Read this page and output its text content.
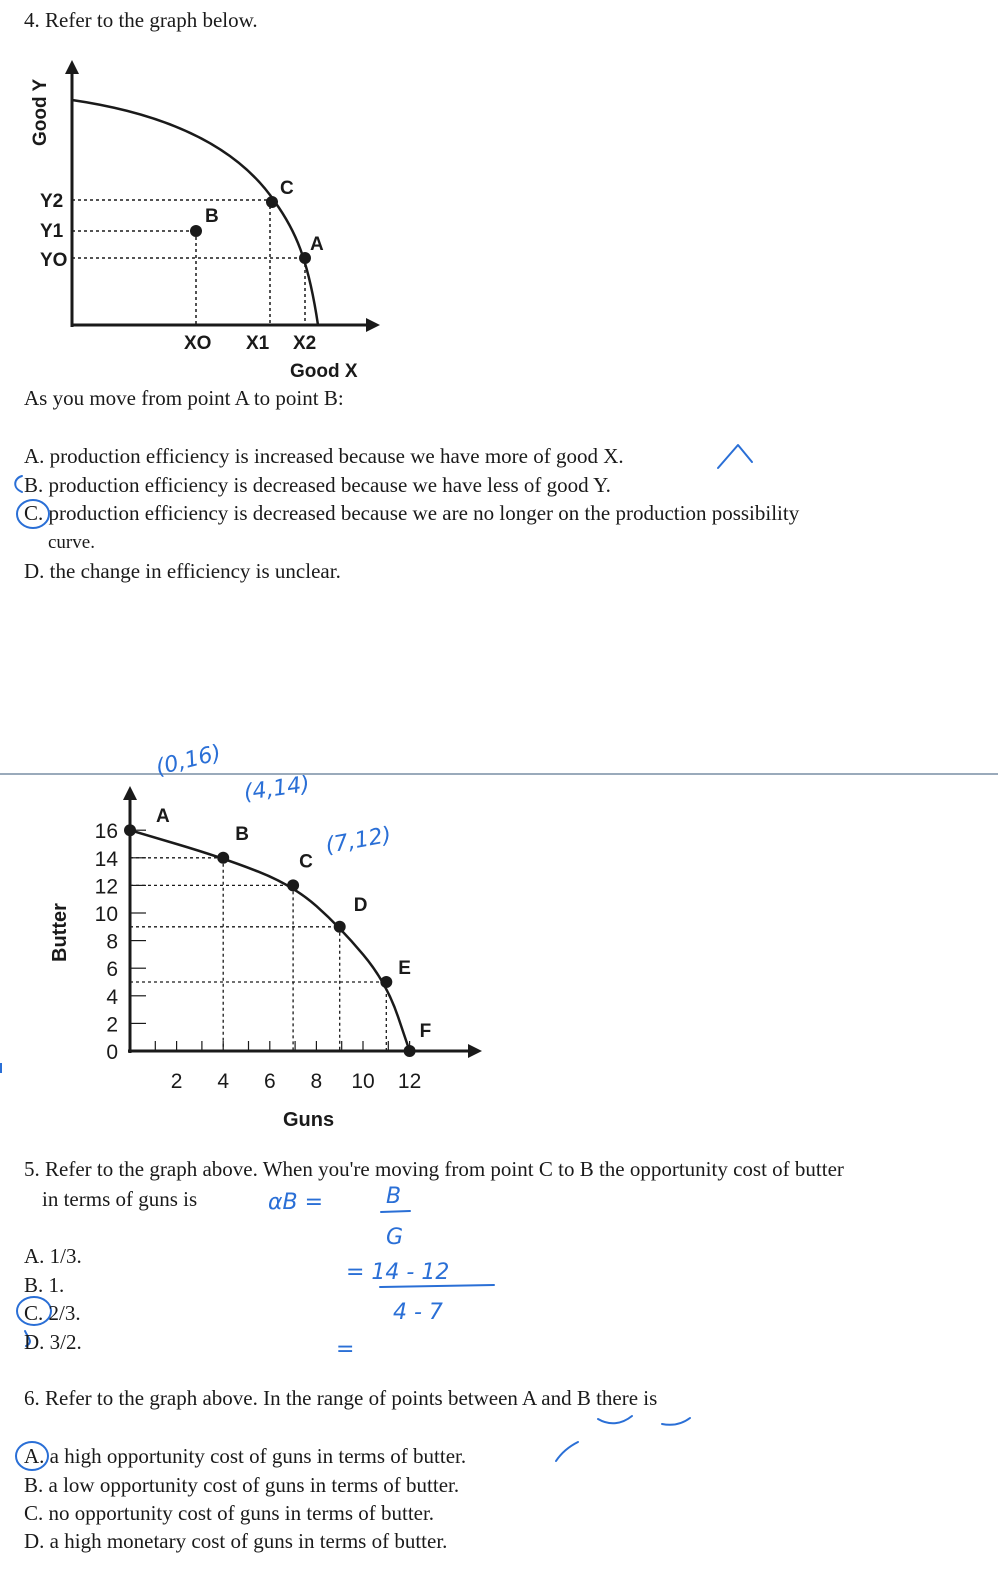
4. Refer to the graph below.
B
C
A
Y2
Y1
YO
XO X1 X2
Good X
Good Y
As you move from point A to point B:
A. production efficiency is increased because we have more of good X.
B. production efficiency is decreased because we have less of good Y.
C. production efficiency is decreased because we are no longer on the production possibility
curve.
D. the change in efficiency is unclear.
Guns
Butter
16
14
12
10
8
6
4
2
0
2 4 6 8 10 12
A
B
C
D
E
F
(0,16)
(4,14)
(7,12)
αB =	B
G
= 14 - 12
4 - 7
=
5. Refer to the graph above. When you're moving from point C to B the opportunity cost of butter
in terms of guns is
A. 1/3.
B. 1.
C. 2/3.
D. 3/2.
6. Refer to the graph above. In the range of points between A and B there is
A. a high opportunity cost of guns in terms of butter.
B. a low opportunity cost of guns in terms of butter.
C. no opportunity cost of guns in terms of butter.
D. a high monetary cost of guns in terms of butter.
